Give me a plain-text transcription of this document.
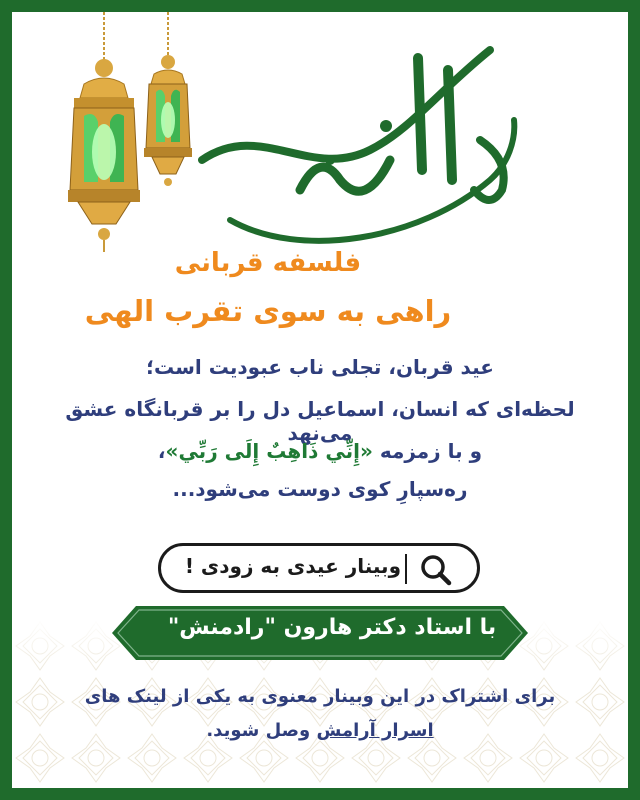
فلسفه قربانی
راهی به سوی تقرب الهی
عید قربان، تجلی ناب عبودیت است؛
لحظه‌ای که انسان، اسماعیل دل را بر قربانگاه عشق می‌نهد
و با زمزمه «إِنِّي ذَاهِبٌ إِلَى رَبِّي»،
ره‌سپارِ کوی دوست می‌شود...
وبینار عیدی به زودی !
با استاد دکتر هارون "رادمنش"
برای اشتراک در این وبینار معنوی به یکی از لینک های
اسرار آرامش وصل شوید.
